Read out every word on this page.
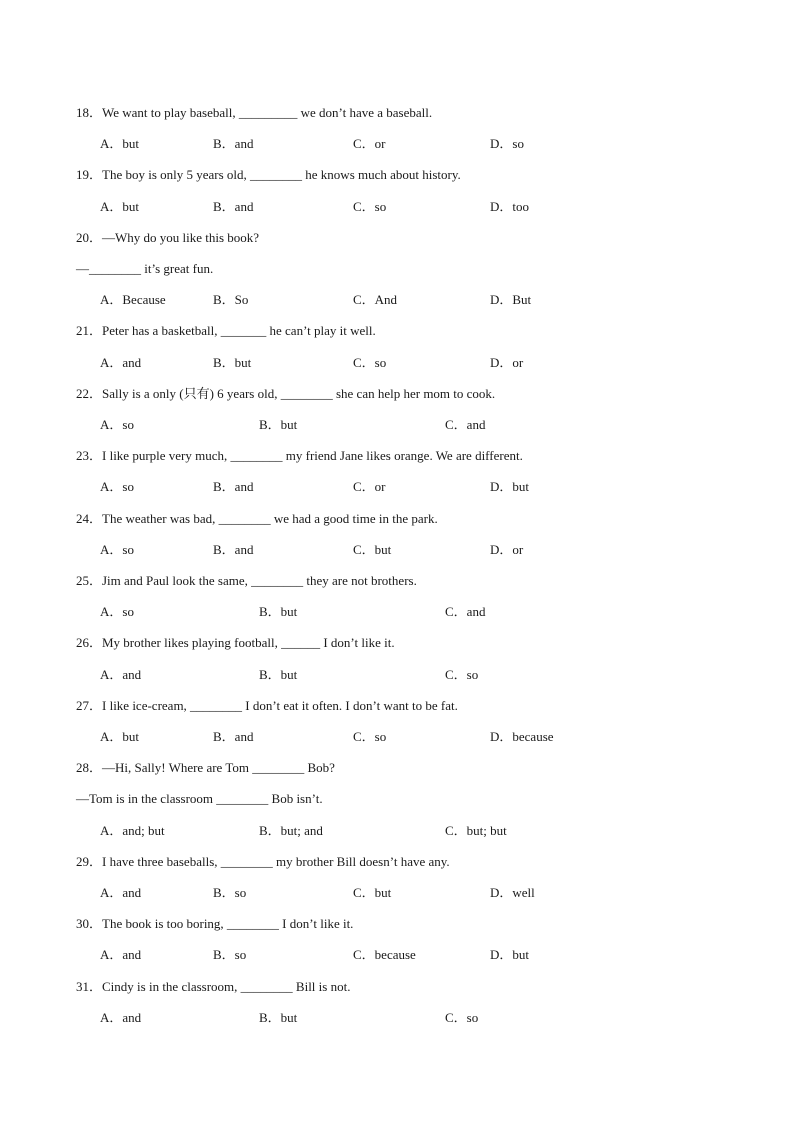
18．We want to play baseball, _________ we don’t have a baseball.
A．but	B．and	C．or	D．so
19．The boy is only 5 years old, ________ he knows much about history.
A．but	B．and	C．so	D．too
20．—Why do you like this book?
—________ it’s great fun.
A．Because	B．So	C．And	D．But
21．Peter has a basketball, _______ he can’t play it well.
A．and	B．but	C．so	D．or
22．Sally is a only (只有) 6 years old, ________ she can help her mom to cook.
A．so	B．but	C．and
23．I like purple very much, ________ my friend Jane likes orange. We are different.
A．so	B．and	C．or	D．but
24．The weather was bad, ________ we had a good time in the park.
A．so	B．and	C．but	D．or
25．Jim and Paul look the same, ________ they are not brothers.
A．so	B．but	C．and
26．My brother likes playing football, ______ I don’t like it.
A．and	B．but	C．so
27．I like ice-cream, ________ I don’t eat it often. I don’t want to be fat.
A．but	B．and	C．so	D．because
28．—Hi, Sally! Where are Tom ________ Bob?
—Tom is in the classroom ________ Bob isn’t.
A．and; but	B．but; and	C．but; but
29．I have three baseballs, ________ my brother Bill doesn’t have any.
A．and	B．so	C．but	D．well
30．The book is too boring, ________ I don’t like it.
A．and	B．so	C．because	D．but
31．Cindy is in the classroom, ________ Bill is not.
A．and	B．but	C．so
